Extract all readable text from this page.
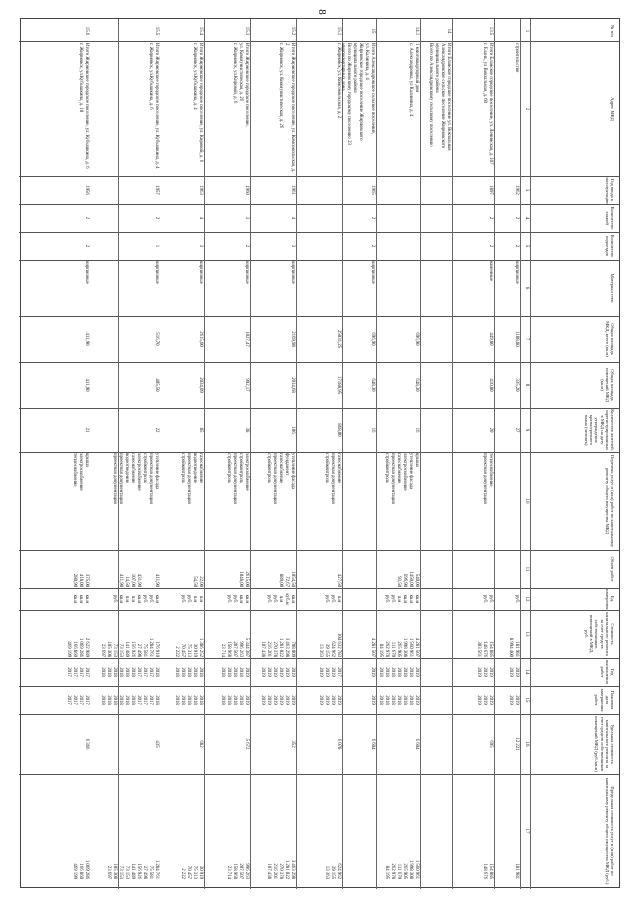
8
№ п/п
Адрес МКД
Год ввода в эксплуатацию
Количество этажей
Количество подъездов
Материал стен
Общая площадь МКД, всего (кв.м)
Общая площадь помещений МКД (кв.м)
Количество жителей, зарегистрированных в МКД на дату утверждения краткосрочного плана (человек)
Перечень услуг и (или) работ по капитальному ремонту общего имущества МКД
Объем работ
Ед. измерения
Стоимость капитального ремонта за счет средств собственников помещений в МКД, руб.
Год выполнения работ
Плановая дата завершения работ
Удельная стоимость капитального ремонта за счет средств собственников помещений МКД (руб./кв.м)
Предельная стоимость услуг и (или) работ по капитальному ремонту общего имущества МКД (руб.)
1
2
3
4
5
6
7
8
9
10
11
12
13
14
15
16
17
строительство
1962
2
2
кирпичные
1108,80
335,20
27
руб.
181 981
8 994 400
2019
2019
2019
2019
12 221
181 981
13.5
Итого Еланское городское поселение, ул. Ленинская, д. 107
г. Еланъ, ул Вокзальная, д. 60
1897
2
2
каменные
449,80
410,80
20
теплоснабжение
проектная документация
руб.
руб.
154 885
148 676
303 561
2019
2019
2019
2019
2019
2019
695
154 885
148 676
14
Итого Еланское городское поселение ул. Вокзальная
Александровское сельское поселение Жирновского муниципального района
Всего по Александровскому сельскому поселению
14.1
1 многоквартирный дом
с. Александровка, ул Калинина, д. 4
696,90
648,30
16
крыша
утепление фасада
электроснабжение
газоснабжение
проектная документация
стройконтроль
540,00
1450,00
696,90
93,50
кв.м
кв.м
кв.м
п.м
руб.
руб.
4 281 507
1 560 961
1 998 308
265 905
111 670
262 978
84 195
2019
2018
2018
2018
2018
2018
2018
2019
2018
2018
2018
2018
2018
2018
6 604
1 560 961
1 998 308
265 905
111 670
262 978
84 195
15
Итого Александровское сельское поселение,
ул. Калинина, д. 4
Жирновское городское поселение Жирновского муниципального района
Всего по Жирновскому городскому поселению 23 многоквартирных дома
1965
2
2
кирпичные
696,90
648,30
16
4 281 507
2019
2019
6 604
15.1
г. Жирновск, ул. Комсомольская, д. 2
25031,25
17188,95
868,00
газоснабжение
проектная документация
стройконтроль
427,50
п.м
руб.
руб.
104 632 783
624 962
39 155
13 363
2017
2019
2019
2019
2019
2019
2019
2019
6 078
624 962
39 155
13 363
15.2
Итого Жирновское городское поселение, ул. Комсомольская, д. 2
г. Жирновск, ул. Коммунистическая, д. 2б
1961
4
3
кирпичные
2169,98
2014,68
106
утепление фасада
фундамент
газоснабжение
проектная документация
стройконтроль
1054,50
72,67
889,00
кв.м
куб.м
п.м
руб.
руб.
708 009
3 463 298
1 281 022
270 378
216 201
107 438
2019
2019
2019
2019
2019
2019
2019
2019
2019
2019
2019
2019
352
3 463 298
1 281 022
270 378
216 201
107 438
15.3
Итого Жирновское городское поселение,
ул. Коммунистическая, д. 2б
г. Жирновск, ул.Кировой, д. 6
1960
3
2
кирпичные
1027,47
992,17
38
электроснабжение
стройконтроль
проектная документация
стройконтроль
2615,00
1048,00
кв.м
кв.м
руб.
руб.
5 344 387
996 263
207 507
158 968
23 714
2019
2018
2018
2018
2018
2019
2018
2018
2018
2018
5 672
996 263
207 507
158 968
23 714
15.4
Итого Жирновское городское поселение, ул. Кировой, д. 6
г. Жирновск, ул.Кубышкина, д. 4
1963
4
3
кирпичные
2615,00
2034,09
85
газоснабжение
водоотведение
проектная документация
стройконтроль
22,00
54,50
п.м
п.м
руб.
руб.
1 386 252
30 919
75 313
70 457
2 222
2018
2018
2018
2018
2018
2018
2018
2018
2018
2018
682
30 919
75 313
70 457
2 222
15.5
Итого Жирновское городское поселение, ул. Кубышкина, д. 4
г. Жирновск, ул.Кубышкина, д. 6
1957
2
1
кирпичные
516,70
405,50
22
утепление фасада
проектная документация
стройконтроль
электроснабжение
газоснабжение
водоотведение
проектная документация
проектная документация
411,90

431,90
107,00
14,50
411,90
кв.м
руб.
руб.
кв.м
п.м
п.м
кв.м
руб.
176 910
1 284 761
75 581
27 498
156 926
141 489
73 153
73 153
105 308
23 697
2018
2017
2017
2017
2018
2018
2018
2018
2018
2018
2018
2017
2017
2017
2018
2018
2018
2018
2018
2018
435
1 284 761
75 581
27 498
156 926
141 489
73 153
73 153
105 308
23 697
15.6
Итого Жирновское городское поселение, ул. Кубышкина, д. 6
г. Жирновск, ул.Кубышкина, д. 10
1956
2
2
кирпичные
411,90
411,90
21
крыша
электроснабжение
теплоснабжение
375,00
418,00
280,90
кв.м
кв.м
кв.м
2 622 989
1 069 286
166 860
469 199
2017
2017
2017
2017
2017
2017
2017
2017
6 366
1 069 286
166 860
469 199
